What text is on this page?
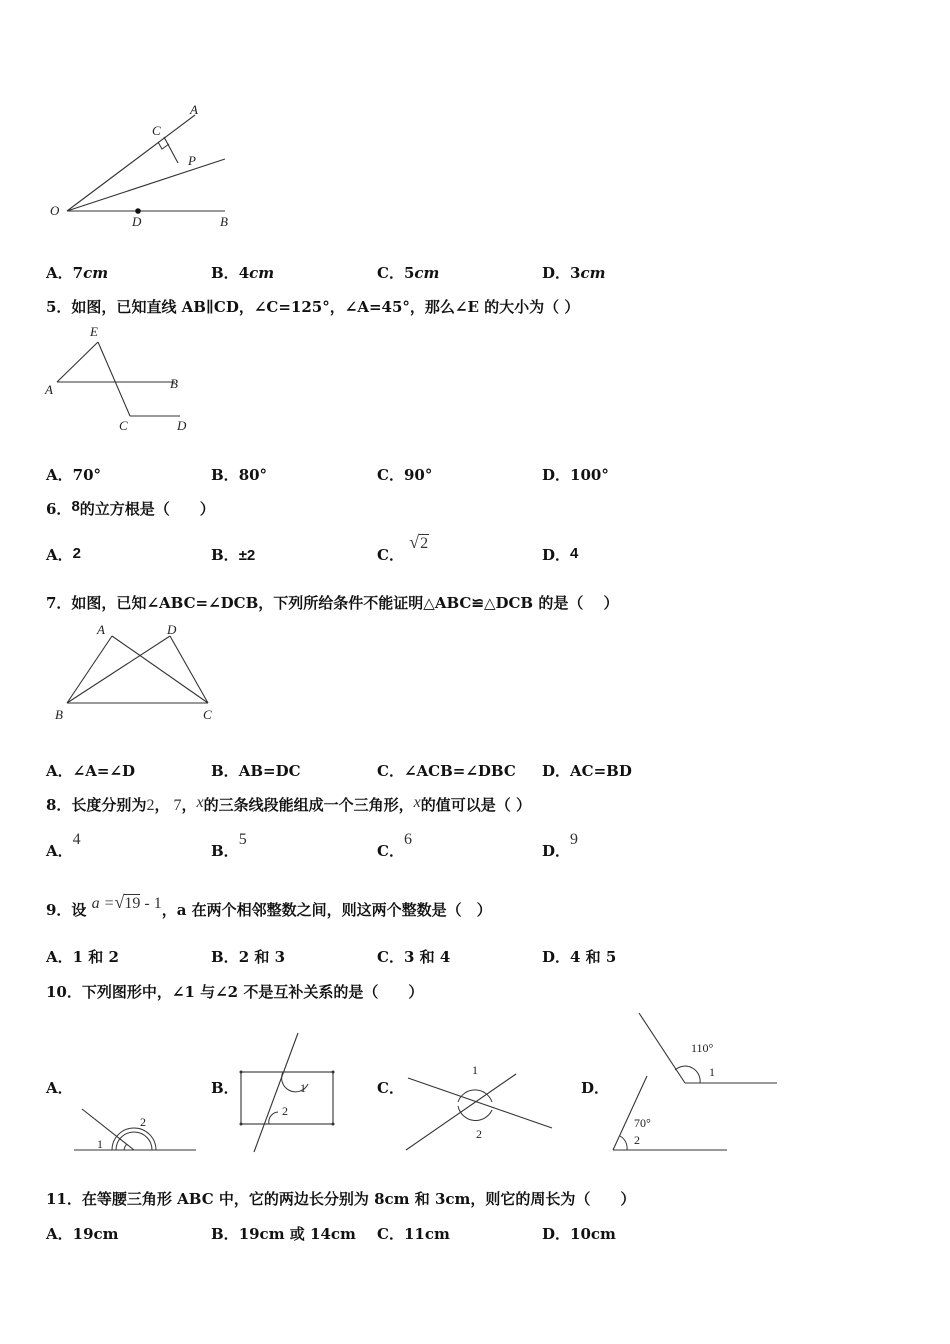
A
C
P
O
D	B
A．7cm	B．4cm	C．5cm	D．3cm
5．如图，已知直线 AB∥CD，∠C=125°，∠A=45°，那么∠E 的大小为（ ）
E
A	B
C	D
A．70°	B．80°	C．90°	D．100°
6．8的立方根是（　　）
A．2	B．±2	C． √2
D．4
7．如图，已知∠ABC=∠DCB，下列所给条件不能证明△ABC≌△DCB 的是（　 ）
A	D
B	C
A．∠A=∠D	B．AB=DC	C．∠ACB=∠DBC D．AC=BD
8．长度分别为2， 7，x的三条线段能组成一个三角形，x的值可以是（ ）
A．4
B．5
C．6
D．9
9．设 a =√19 - 1，a 在两个相邻整数之间，则这两个整数是（　）
A．1 和 2	B．2 和 3	C．3 和 4	D．4 和 5
10．下列图形中，∠1 与∠2 不是互补关系的是（　　）
A．
1
2
B．	1
2
C．
1
2
D．
110°
1
70°
2
11．在等腰三角形 ABC 中，它的两边长分别为 8cm 和 3cm，则它的周长为（　　）
A．19cm	B．19cm 或 14cm C．11cm	D．10cm
